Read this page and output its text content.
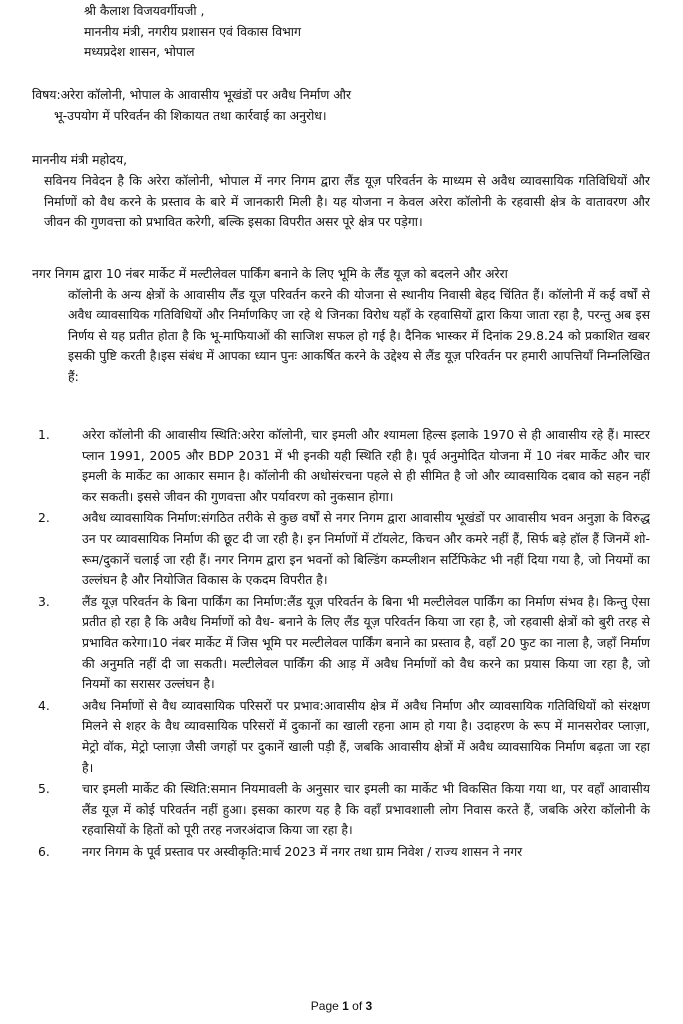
श्री कैलाश विजयवर्गीयजी ,
माननीय मंत्री, नगरीय प्रशासन एवं विकास विभाग
मध्यप्रदेश शासन, भोपाल
विषय:अरेरा कॉलोनी, भोपाल के आवासीय भूखंडों पर अवैध निर्माण और
भू-उपयोग में परिवर्तन की शिकायत तथा कार्रवाई का अनुरोध।
माननीय मंत्री महोदय,
सविनय निवेदन है कि अरेरा कॉलोनी, भोपाल में नगर निगम द्वारा लैंड यूज़ परिवर्तन के माध्यम से अवैध व्यावसायिक गतिविधियों और निर्माणों को वैध करने के प्रस्ताव के बारे में जानकारी मिली है। यह योजना न केवल अरेरा कॉलोनी के रहवासी क्षेत्र के वातावरण और जीवन की गुणवत्ता को प्रभावित करेगी, बल्कि इसका विपरीत असर पूरे क्षेत्र पर पड़ेगा।
नगर निगम द्वारा 10 नंबर मार्केट में मल्टीलेवल पार्किंग बनाने के लिए भूमि के लैंड यूज़ को बदलने और अरेरा
कॉलोनी के अन्य क्षेत्रों के आवासीय लैंड यूज़ परिवर्तन करने की योजना से स्थानीय निवासी बेहद चिंतित हैं। कॉलोनी में कई वर्षों से अवैध व्यावसायिक गतिविधियों और निर्माणकिए जा रहे थे जिनका विरोध यहाँ के रहवासियों द्वारा किया जाता रहा है, परन्तु अब इस निर्णय से यह प्रतीत होता है कि भू-माफियाओं की साजिश सफल हो गई है। दैनिक भास्कर में दिनांक 29.8.24 को प्रकाशित खबर इसकी पुष्टि करती है।इस संबंध में आपका ध्यान पुनः आकर्षित करने के उद्देश्य से लैंड यूज़ परिवर्तन पर हमारी आपत्तियाँ निम्नलिखित हैं:
1.	अरेरा कॉलोनी की आवासीय स्थिति:अरेरा कॉलोनी, चार इमली और श्यामला हिल्स इलाके 1970 से ही आवासीय रहे हैं। मास्टर प्लान 1991, 2005 और BDP 2031 में भी इनकी यही स्थिति रही है। पूर्व अनुमोदित योजना में 10 नंबर मार्केट और चार इमली के मार्केट का आकार समान है। कॉलोनी की अधोसंरचना पहले से ही सीमित है जो और व्यावसायिक दबाव को सहन नहीं कर सकती। इससे जीवन की गुणवत्ता और पर्यावरण को नुकसान होगा।
2.	अवैध व्यावसायिक निर्माण:संगठित तरीके से कुछ वर्षों से नगर निगम द्वारा आवासीय भूखंडों पर आवासीय भवन अनुज्ञा के विरुद्ध उन पर व्यावसायिक निर्माण की छूट दी जा रही है। इन निर्माणों में टॉयलेट, किचन और कमरे नहीं हैं, सिर्फ बड़े हॉल हैं जिनमें शो-रूम/दुकानें चलाई जा रही हैं। नगर निगम द्वारा इन भवनों को बिल्डिंग कम्प्लीशन सर्टिफिकेट भी नहीं दिया गया है, जो नियमों का उल्लंघन है और नियोजित विकास के एकदम विपरीत है।
3.	लैंड यूज़ परिवर्तन के बिना पार्किंग का निर्माण:लैंड यूज़ परिवर्तन के बिना भी मल्टीलेवल पार्किंग का निर्माण संभव है। किन्तु ऐसा प्रतीत हो रहा है कि अवैध निर्माणों को वैध- बनाने के लिए लैंड यूज़ परिवर्तन किया जा रहा है, जो रहवासी क्षेत्रों को बुरी तरह से प्रभावित करेगा।10 नंबर मार्केट में जिस भूमि पर मल्टीलेवल पार्किंग बनाने का प्रस्ताव है, वहाँ 20 फुट का नाला है, जहाँ निर्माण की अनुमति नहीं दी जा सकती। मल्टीलेवल पार्किंग की आड़ में अवैध निर्माणों को वैध करने का प्रयास किया जा रहा है, जो नियमों का सरासर उल्लंघन है।
4.	अवैध निर्माणों से वैध व्यावसायिक परिसरों पर प्रभाव:आवासीय क्षेत्र में अवैध निर्माण और व्यावसायिक गतिविधियों को संरक्षण मिलने से शहर के वैध व्यावसायिक परिसरों में दुकानों का खाली रहना आम हो गया है। उदाहरण के रूप में मानसरोवर प्लाज़ा, मेट्रो वॉक, मेट्रो प्लाज़ा जैसी जगहों पर दुकानें खाली पड़ी हैं, जबकि आवासीय क्षेत्रों में अवैध व्यावसायिक निर्माण बढ़ता जा रहा है।
5.	चार इमली मार्केट की स्थिति:समान नियमावली के अनुसार चार इमली का मार्केट भी विकसित किया गया था, पर वहाँ आवासीय लैंड यूज़ में कोई परिवर्तन नहीं हुआ। इसका कारण यह है कि वहाँ प्रभावशाली लोग निवास करते हैं, जबकि अरेरा कॉलोनी के रहवासियों के हितों को पूरी तरह नजरअंदाज किया जा रहा है।
6.	नगर निगम के पूर्व प्रस्ताव पर अस्वीकृति:मार्च 2023 में नगर तथा ग्राम निवेश / राज्य शासन ने नगर
Page 1 of 3
